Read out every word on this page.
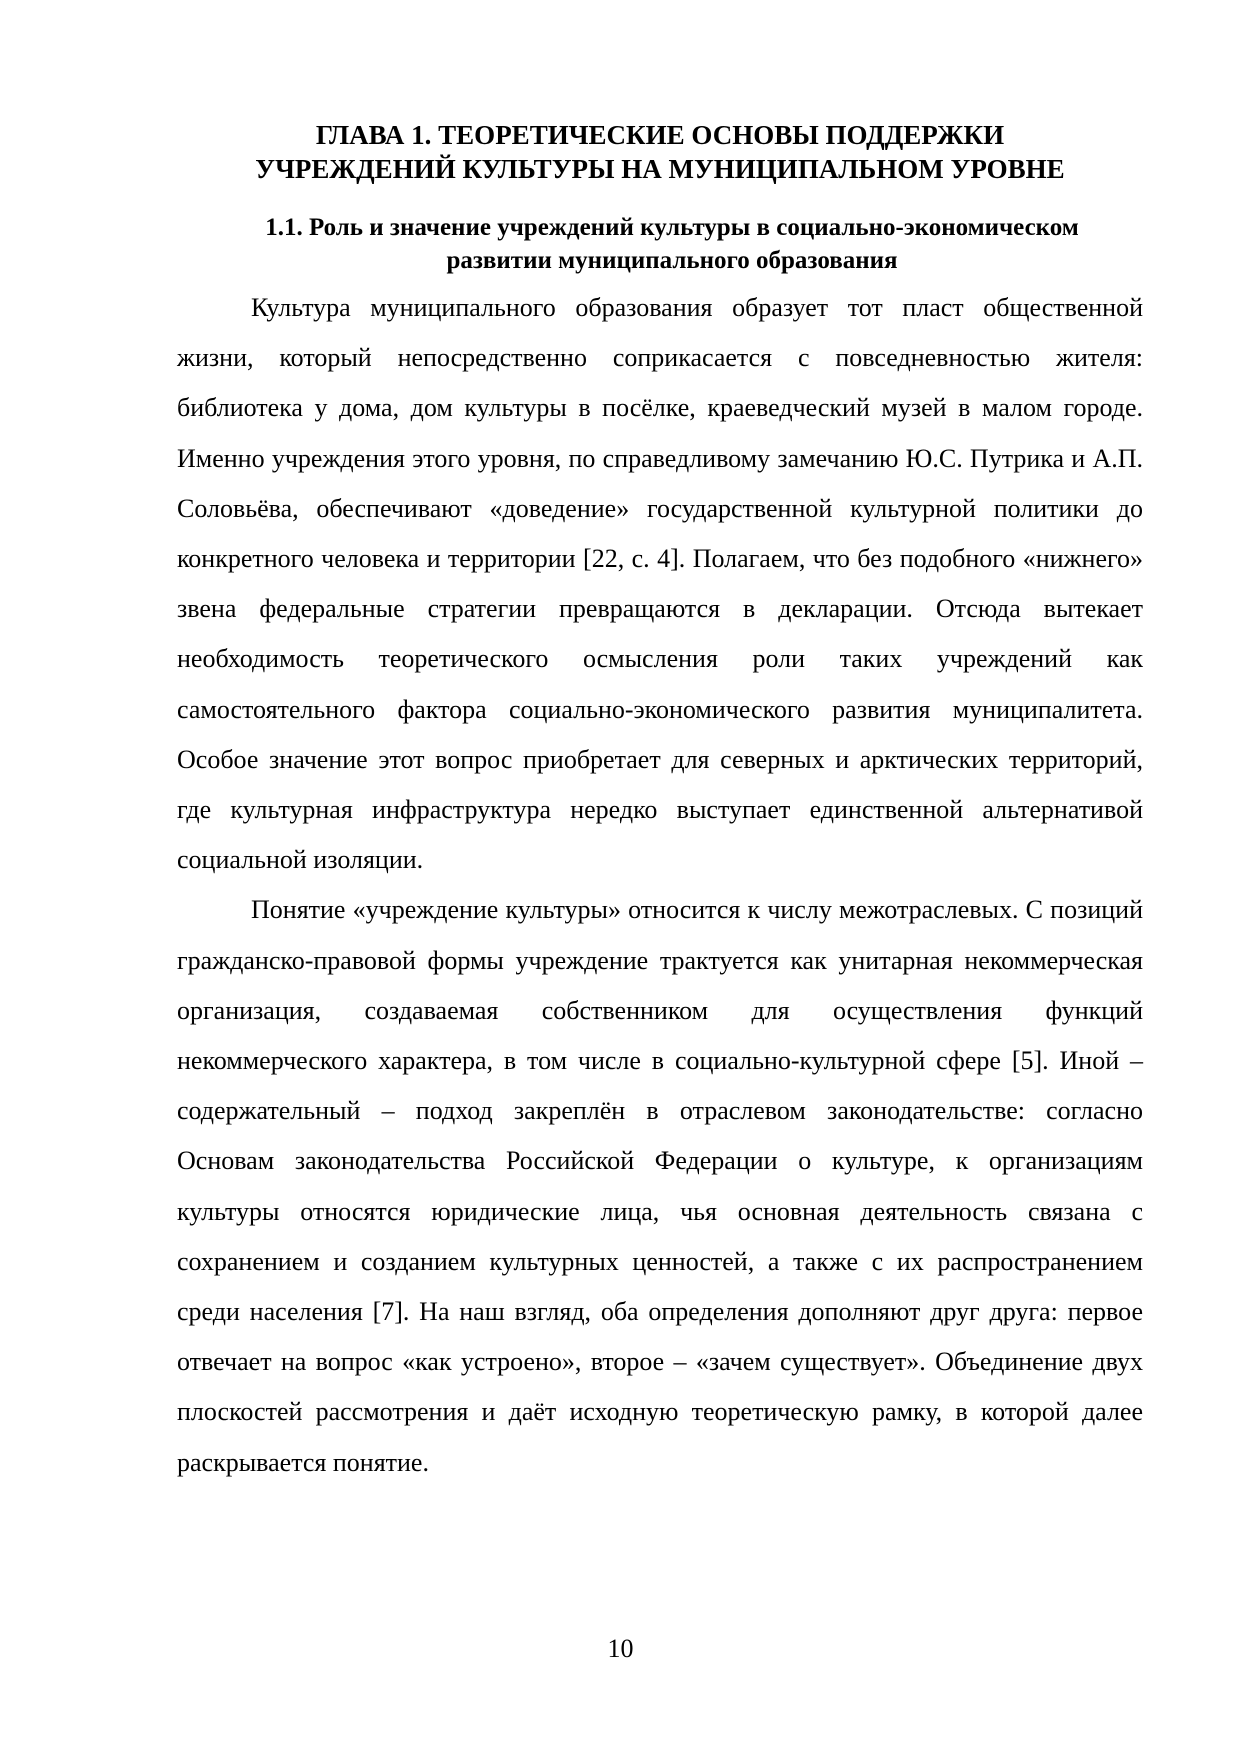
ГЛАВА 1. ТЕОРЕТИЧЕСКИЕ ОСНОВЫ ПОДДЕРЖКИ
УЧРЕЖДЕНИЙ КУЛЬТУРЫ НА МУНИЦИПАЛЬНОМ УРОВНЕ
1.1. Роль и значение учреждений культуры в социально-экономическом
развитии муниципального образования

Культура муниципального образования образует тот пласт общественной жизни, который непосредственно соприкасается с повседневностью жителя: библиотека у дома, дом культуры в посёлке, краеведческий музей в малом городе. Именно учреждения этого уровня, по справедливому замечанию Ю.С. Путрика и А.П. Соловьёва, обеспечивают «доведение» государственной культурной политики до конкретного человека и территории [22, с. 4]. Полагаем, что без подобного «нижнего» звена федеральные стратегии превращаются в декларации. Отсюда вытекает необходимость теоретического осмысления роли таких учреждений как самостоятельного фактора социально-экономического развития муниципалитета. Особое значение этот вопрос приобретает для северных и арктических территорий, где культурная инфраструктура нередко выступает единственной альтернативой социальной изоляции.

Понятие «учреждение культуры» относится к числу межотраслевых. С позиций гражданско-правовой формы учреждение трактуется как унитарная некоммерческая организация, создаваемая собственником для осуществления функций некоммерческого характера, в том числе в социально-культурной сфере [5]. Иной – содержательный – подход закреплён в отраслевом законодательстве: согласно Основам законодательства Российской Федерации о культуре, к организациям культуры относятся юридические лица, чья основная деятельность связана с сохранением и созданием культурных ценностей, а также с их распространением среди населения [7]. На наш взгляд, оба определения дополняют друг друга: первое отвечает на вопрос «как устроено», второе – «зачем существует». Объединение двух плоскостей рассмотрения и даёт исходную теоретическую рамку, в которой далее раскрывается понятие.

10
